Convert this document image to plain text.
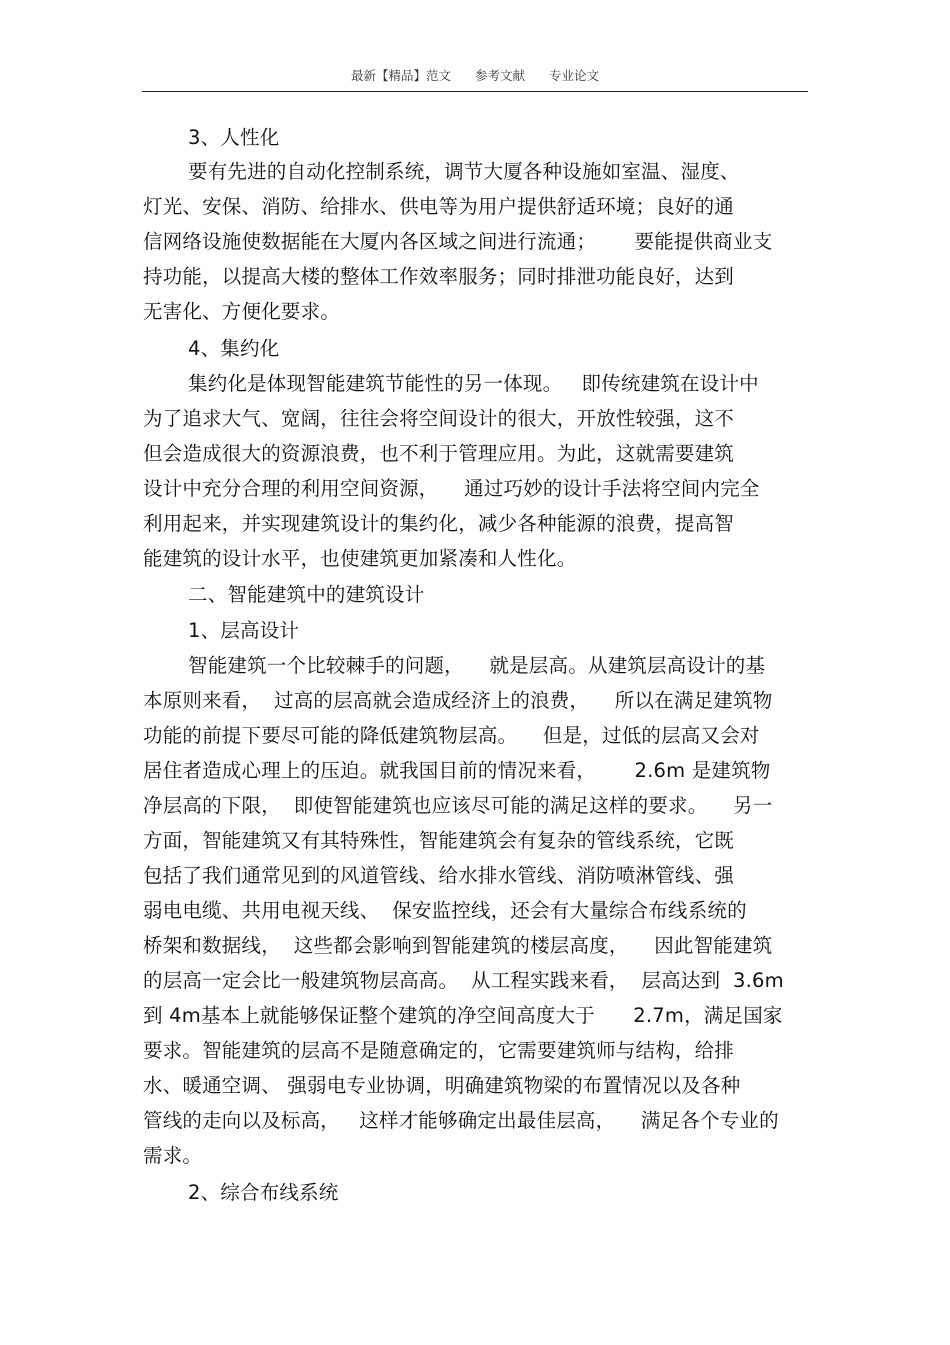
最新【精品】范文 参考文献 专业论文
3、人性化
要有先进的自动化控制系统，调节大厦各种设施如室温、湿度、
灯光、安保、消防、给排水、供电等为用户提供舒适环境；良好的通
信网络设施使数据能在大厦内各区域之间进行流通；      要能提供商业支
持功能，以提高大楼的整体工作效率服务；同时排泄功能良好，达到
无害化、方便化要求。
4、集约化
集约化是体现智能建筑节能性的另一体现。   即传统建筑在设计中
为了追求大气、宽阔，往往会将空间设计的很大，开放性较强，这不
但会造成很大的资源浪费，也不利于管理应用。为此，这就需要建筑
设计中充分合理的利用空间资源，    通过巧妙的设计手法将空间内完全
利用起来，并实现建筑设计的集约化，减少各种能源的浪费，提高智
能建筑的设计水平，也使建筑更加紧凑和人性化。
二、智能建筑中的建筑设计
1、层高设计
智能建筑一个比较棘手的问题，    就是层高。从建筑层高设计的基
本原则来看，  过高的层高就会造成经济上的浪费，    所以在满足建筑物
功能的前提下要尽可能的降低建筑物层高。    但是，过低的层高又会对
居住者造成心理上的压迫。就我国目前的情况来看，      2.6m 是建筑物
净层高的下限，  即使智能建筑也应该尽可能的满足这样的要求。    另一
方面，智能建筑又有其特殊性，智能建筑会有复杂的管线系统，它既
包括了我们通常见到的风道管线、给水排水管线、消防喷淋管线、强
弱电电缆、共用电视天线、  保安监控线，还会有大量综合布线系统的
桥架和数据线，  这些都会影响到智能建筑的楼层高度，    因此智能建筑
的层高一定会比一般建筑物层高高。  从工程实践来看，  层高达到  3.6m
到 4m基本上就能够保证整个建筑的净空间高度大于      2.7m，满足国家
要求。智能建筑的层高不是随意确定的，它需要建筑师与结构，给排
水、暖通空调、 强弱电专业协调，明确建筑物梁的布置情况以及各种
管线的走向以及标高，   这样才能够确定出最佳层高，    满足各个专业的
需求。
2、综合布线系统
